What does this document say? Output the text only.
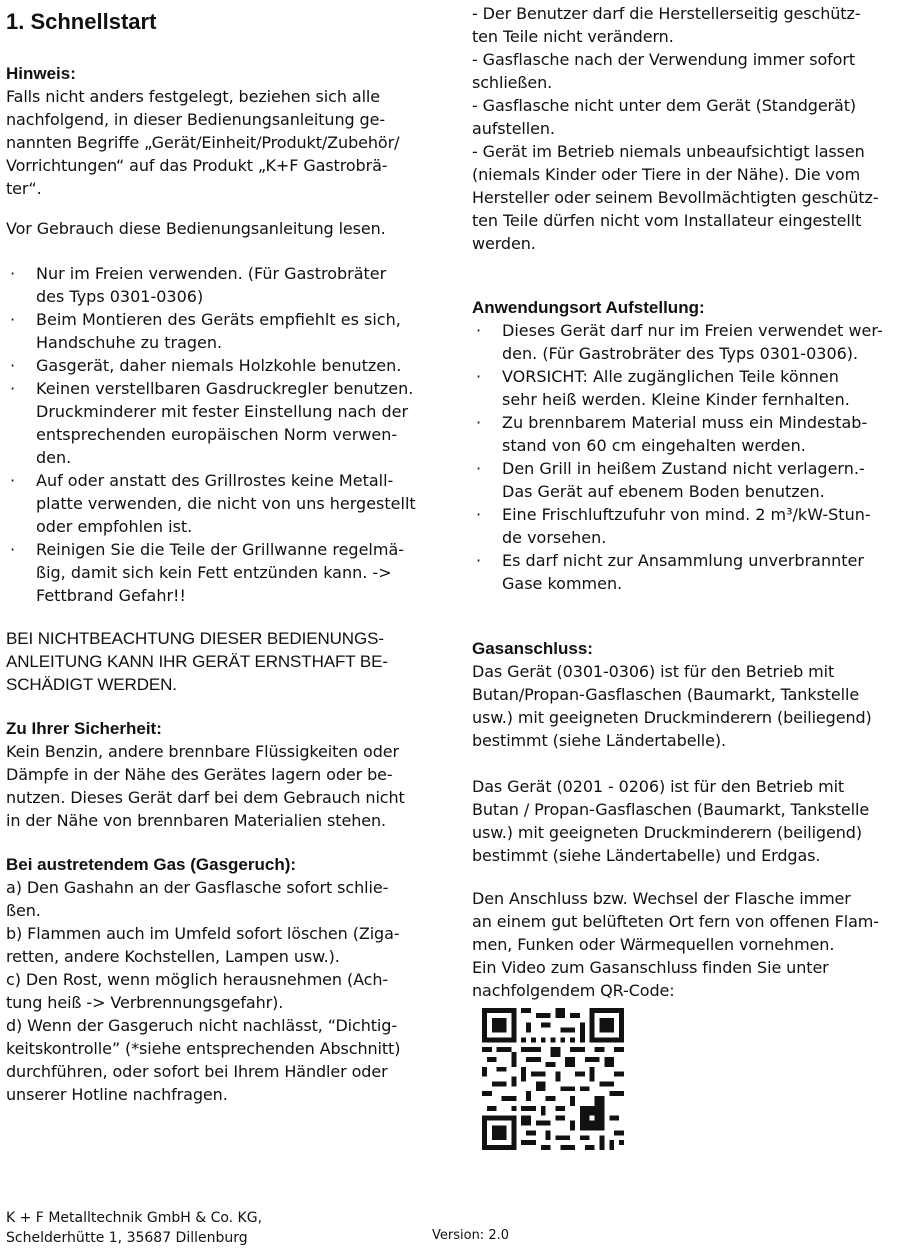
1. Schnellstart

Hinweis:

Falls nicht anders festgelegt, beziehen sich alle
nachfolgend, in dieser Bedienungsanleitung ge-
nannten Begriffe „Gerät/Einheit/Produkt/Zubehör/
Vorrichtungen“ auf das Produkt „K+F Gastrobrä-
ter“.

Vor Gebrauch diese Bedienungsanleitung lesen.

· Nur im Freien verwenden. (Für Gastrobräter
des Typs 0301-0306)
· Beim Montieren des Geräts empfiehlt es sich,
Handschuhe zu tragen.
· Gasgerät, daher niemals Holzkohle benutzen.
· Keinen verstellbaren Gasdruckregler benutzen.
Druckminderer mit fester Einstellung nach der
entsprechenden europäischen Norm verwen-
den.
· Auf oder anstatt des Grillrostes keine Metall-
platte verwenden, die nicht von uns hergestellt
oder empfohlen ist.
· Reinigen Sie die Teile der Grillwanne regelmä-
ßig, damit sich kein Fett entzünden kann. ->
Fettbrand Gefahr!!

BEI NICHTBEACHTUNG DIESER BEDIENUNGS-
ANLEITUNG KANN IHR GERÄT ERNSTHAFT BE-
SCHÄDIGT WERDEN.

Zu Ihrer Sicherheit:

Kein Benzin, andere brennbare Flüssigkeiten oder
Dämpfe in der Nähe des Gerätes lagern oder be-
nutzen. Dieses Gerät darf bei dem Gebrauch nicht
in der Nähe von brennbaren Materialien stehen.

Bei austretendem Gas (Gasgeruch):

a) Den Gashahn an der Gasflasche sofort schlie-
ßen.
b) Flammen auch im Umfeld sofort löschen (Ziga-
retten, andere Kochstellen, Lampen usw.).
c) Den Rost, wenn möglich herausnehmen (Ach-
tung heiß -> Verbrennungsgefahr).
d) Wenn der Gasgeruch nicht nachlässt, “Dichtig-
keitskontrolle” (*siehe entsprechenden Abschnitt)
durchführen, oder sofort bei Ihrem Händler oder
unserer Hotline nachfragen.

- Der Benutzer darf die Herstellerseitig geschütz-
ten Teile nicht verändern.
- Gasflasche nach der Verwendung immer sofort
schließen.
- Gasflasche nicht unter dem Gerät (Standgerät)
aufstellen.
- Gerät im Betrieb niemals unbeaufsichtigt lassen
(niemals Kinder oder Tiere in der Nähe). Die vom
Hersteller oder seinem Bevollmächtigten geschütz-
ten Teile dürfen nicht vom Installateur eingestellt
werden.

Anwendungsort Aufstellung:

· Dieses Gerät darf nur im Freien verwendet wer-
den. (Für Gastrobräter des Typs 0301-0306).
· VORSICHT: Alle zugänglichen Teile können
sehr heiß werden. Kleine Kinder fernhalten.
· Zu brennbarem Material muss ein Mindestab-
stand von 60 cm eingehalten werden.
· Den Grill in heißem Zustand nicht verlagern.-
Das Gerät auf ebenem Boden benutzen.
· Eine Frischluftzufuhr von mind. 2 m³/kW-Stun-
de vorsehen.
· Es darf nicht zur Ansammlung unverbrannter
Gase kommen.

Gasanschluss:

Das Gerät (0301-0306) ist für den Betrieb mit
Butan/Propan-Gasflaschen (Baumarkt, Tankstelle
usw.) mit geeigneten Druckminderern (beiliegend)
bestimmt (siehe Ländertabelle).

Das Gerät (0201 - 0206) ist für den Betrieb mit
Butan / Propan-Gasflaschen (Baumarkt, Tankstelle
usw.) mit geeigneten Druckminderern (beiligend)
bestimmt (siehe Ländertabelle) und Erdgas.

Den Anschluss bzw. Wechsel der Flasche immer
an einem gut belüfteten Ort fern von offenen Flam-
men, Funken oder Wärmequellen vornehmen.
Ein Video zum Gasanschluss finden Sie unter
nachfolgendem QR-Code:

K + F Metalltechnik GmbH & Co. KG,
Schelderhütte 1, 35687 Dillenburg	Version: 2.0
